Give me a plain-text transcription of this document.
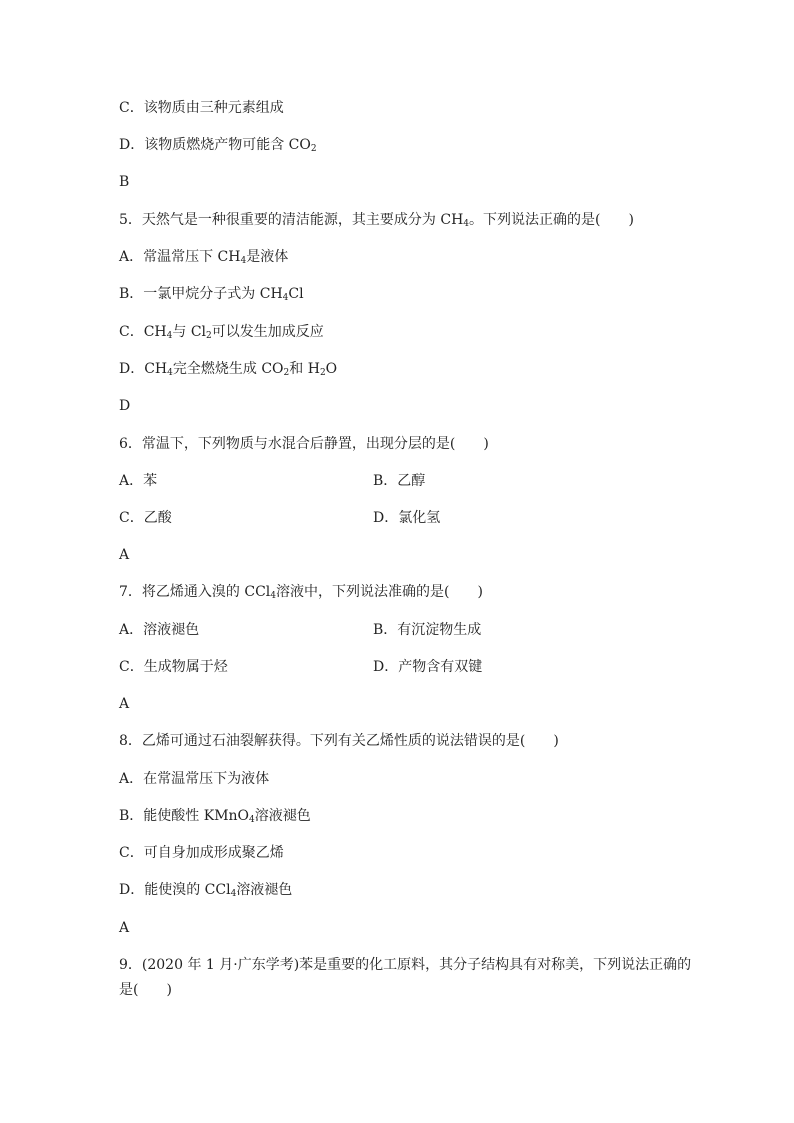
C．该物质由三种元素组成
D．该物质燃烧产物可能含 $CO_2$
B
5．天然气是一种很重要的清洁能源，其主要成分为 $CH_4$。下列说法正确的是(　　)
A．常温常压下 $CH_4$是液体
B．一氯甲烷分子式为 $CH_4Cl$
C．$CH_4$与 $Cl_2$可以发生加成反应
D．$CH_4$完全燃烧生成 $CO_2$和 $H_2O$
D
6．常温下，下列物质与水混合后静置，出现分层的是(　　)
A．苯	B．乙醇
C．乙酸	D．氯化氢
A
7．将乙烯通入溴的 CCl$_4$溶液中，下列说法准确的是(　　)
A．溶液褪色	B．有沉淀物生成
C．生成物属于烃	D．产物含有双键
A
8．乙烯可通过石油裂解获得。下列有关乙烯性质的说法错误的是(　　)
A．在常温常压下为液体
B．能使酸性 KMnO$_4$溶液褪色
C．可自身加成形成聚乙烯
D．能使溴的 CCl$_4$溶液褪色
A
9．(2020 年 1 月·广东学考)苯是重要的化工原料，其分子结构具有对称美，下列说法正确的
是(　　)
